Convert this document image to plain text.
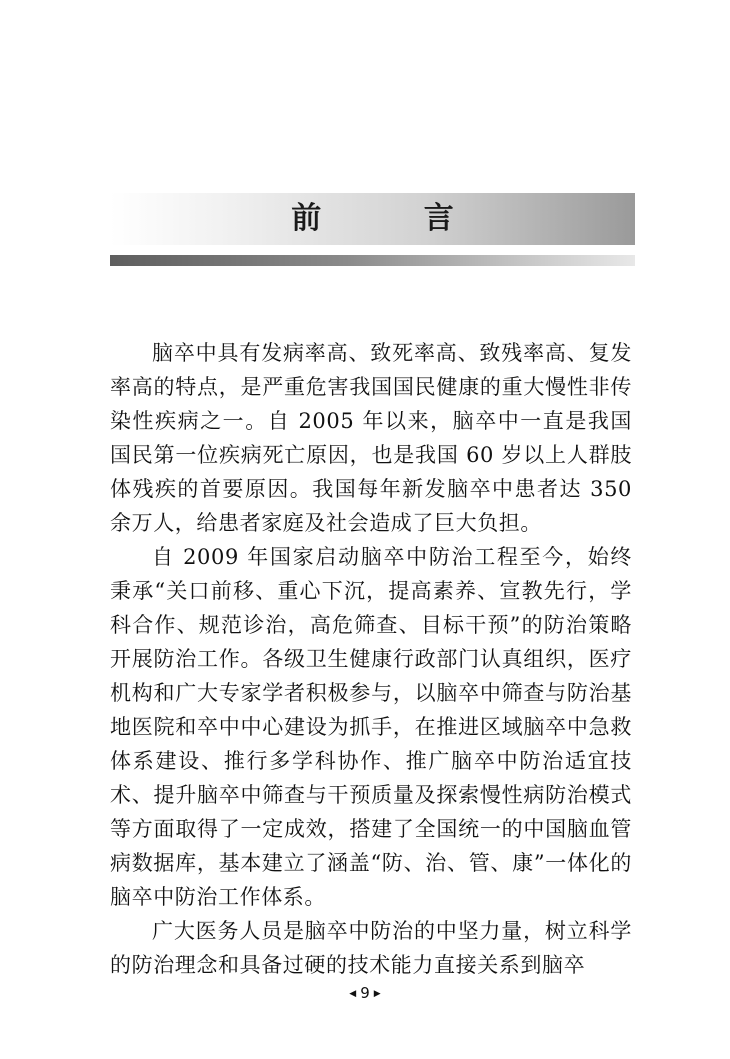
前 言

脑卒中具有发病率高、致死率高、致残率高、复发率高的特点，是严重危害我国国民健康的重大慢性非传染性疾病之一。自 2005 年以来，脑卒中一直是我国国民第一位疾病死亡原因，也是我国 60 岁以上人群肢体残疾的首要原因。我国每年新发脑卒中患者达 350 余万人，给患者家庭及社会造成了巨大负担。

自 2009 年国家启动脑卒中防治工程至今，始终秉承“关口前移、重心下沉，提高素养、宣教先行，学科合作、规范诊治，高危筛查、目标干预”的防治策略开展防治工作。各级卫生健康行政部门认真组织，医疗机构和广大专家学者积极参与，以脑卒中筛查与防治基地医院和卒中中心建设为抓手，在推进区域脑卒中急救体系建设、推行多学科协作、推广脑卒中防治适宜技术、提升脑卒中筛查与干预质量及探索慢性病防治模式等方面取得了一定成效，搭建了全国统一的中国脑血管病数据库，基本建立了涵盖“防、治、管、康”一体化的脑卒中防治工作体系。

广大医务人员是脑卒中防治的中坚力量，树立科学的防治理念和具备过硬的技术能力直接关系到脑卒

◀ 9 ▶
